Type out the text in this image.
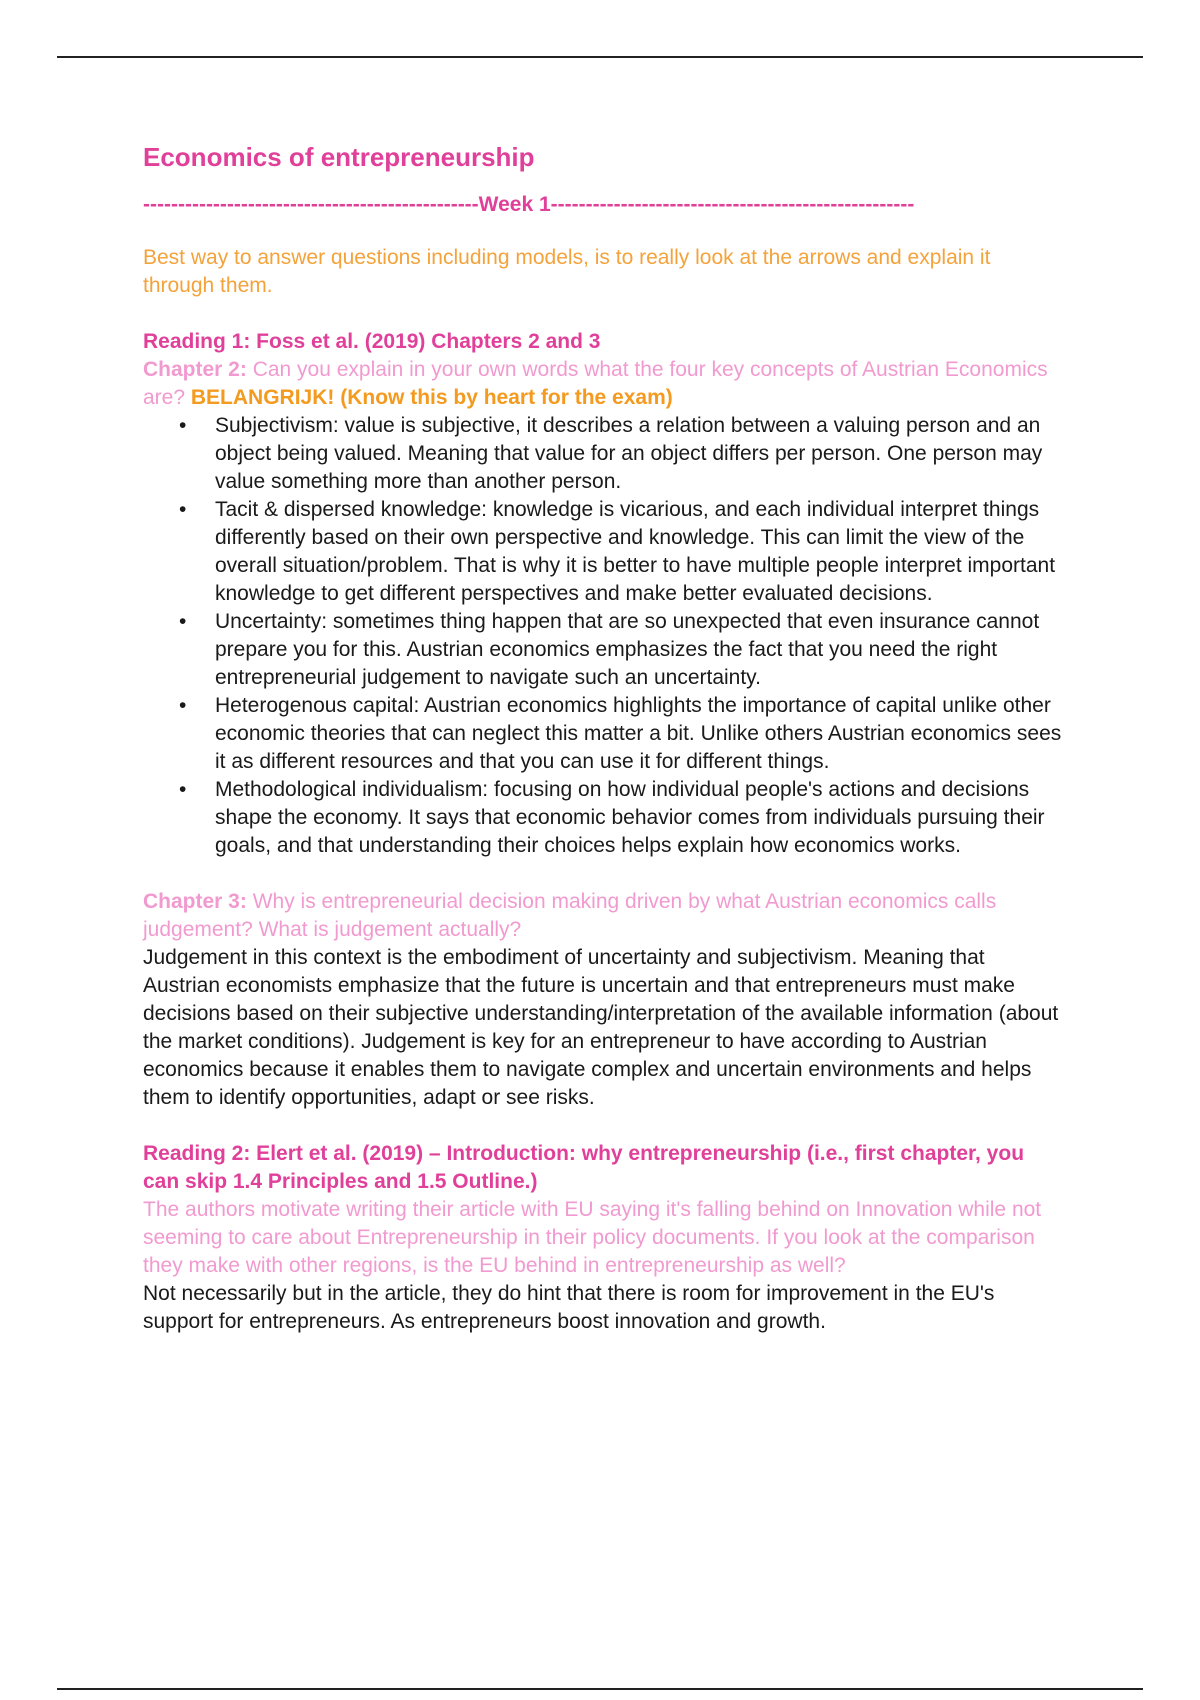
Economics of entrepreneurship
------------------------------------------------Week 1----------------------------------------------------
Best way to answer questions including models, is to really look at the arrows and explain it through them.
Reading 1: Foss et al. (2019) Chapters 2 and 3
Chapter 2: Can you explain in your own words what the four key concepts of Austrian Economics are? BELANGRIJK! (Know this by heart for the exam)
• Subjectivism: value is subjective, it describes a relation between a valuing person and an object being valued. Meaning that value for an object differs per person. One person may value something more than another person.
• Tacit & dispersed knowledge: knowledge is vicarious, and each individual interpret things differently based on their own perspective and knowledge. This can limit the view of the overall situation/problem. That is why it is better to have multiple people interpret important knowledge to get different perspectives and make better evaluated decisions.
• Uncertainty: sometimes thing happen that are so unexpected that even insurance cannot prepare you for this. Austrian economics emphasizes the fact that you need the right entrepreneurial judgement to navigate such an uncertainty.
• Heterogenous capital: Austrian economics highlights the importance of capital unlike other economic theories that can neglect this matter a bit. Unlike others Austrian economics sees it as different resources and that you can use it for different things.
• Methodological individualism: focusing on how individual people's actions and decisions shape the economy. It says that economic behavior comes from individuals pursuing their goals, and that understanding their choices helps explain how economics works.
Chapter 3: Why is entrepreneurial decision making driven by what Austrian economics calls judgement? What is judgement actually?
Judgement in this context is the embodiment of uncertainty and subjectivism. Meaning that Austrian economists emphasize that the future is uncertain and that entrepreneurs must make decisions based on their subjective understanding/interpretation of the available information (about the market conditions). Judgement is key for an entrepreneur to have according to Austrian economics because it enables them to navigate complex and uncertain environments and helps them to identify opportunities, adapt or see risks.
Reading 2: Elert et al. (2019) – Introduction: why entrepreneurship (i.e., first chapter, you can skip 1.4 Principles and 1.5 Outline.)
The authors motivate writing their article with EU saying it's falling behind on Innovation while not seeming to care about Entrepreneurship in their policy documents. If you look at the comparison they make with other regions, is the EU behind in entrepreneurship as well?
Not necessarily but in the article, they do hint that there is room for improvement in the EU's support for entrepreneurs. As entrepreneurs boost innovation and growth.
